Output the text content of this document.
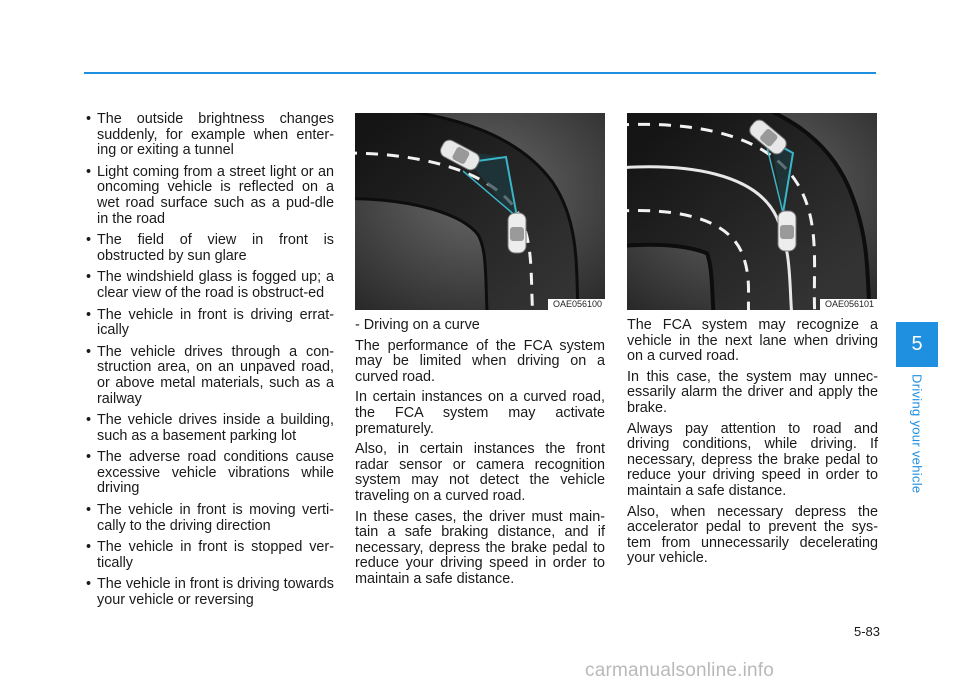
• The outside brightness changes suddenly, for example when enter-ing or exiting a tunnel
• Light coming from a street light or an oncoming vehicle is reflected on a wet road surface such as a pud-dle in the road
• The field of view in front is obstructed by sun glare
• The windshield glass is fogged up; a clear view of the road is obstruct-ed
• The vehicle in front is driving errat-ically
• The vehicle drives through a con-struction area, on an unpaved road, or above metal materials, such as a railway
• The vehicle drives inside a building, such as a basement parking lot
• The adverse road conditions cause excessive vehicle vibrations while driving
• The vehicle in front is moving verti-cally to the driving direction
• The vehicle in front is stopped ver-tically
• The vehicle in front is driving towards your vehicle or reversing
OAE056100	OAE056101

- Driving on a curve

The performance of the FCA system may be limited when driving on a curved road.

In certain instances on a curved road, the FCA system may activate prematurely.

Also, in certain instances the front radar sensor or camera recognition system may not detect the vehicle traveling on a curved road.

In these cases, the driver must main-tain a safe braking distance, and if necessary, depress the brake pedal to reduce your driving speed in order to maintain a safe distance.

The FCA system may recognize a vehicle in the next lane when driving on a curved road.

In this case, the system may unnec-essarily alarm the driver and apply the brake.

Always pay attention to road and driving conditions, while driving. If necessary, depress the brake pedal to reduce your driving speed in order to maintain a safe distance.

Also, when necessary depress the accelerator pedal to prevent the sys-tem from unnecessarily decelerating your vehicle.

5
Driving your vehicle
5-83
carmanualsonline.info
